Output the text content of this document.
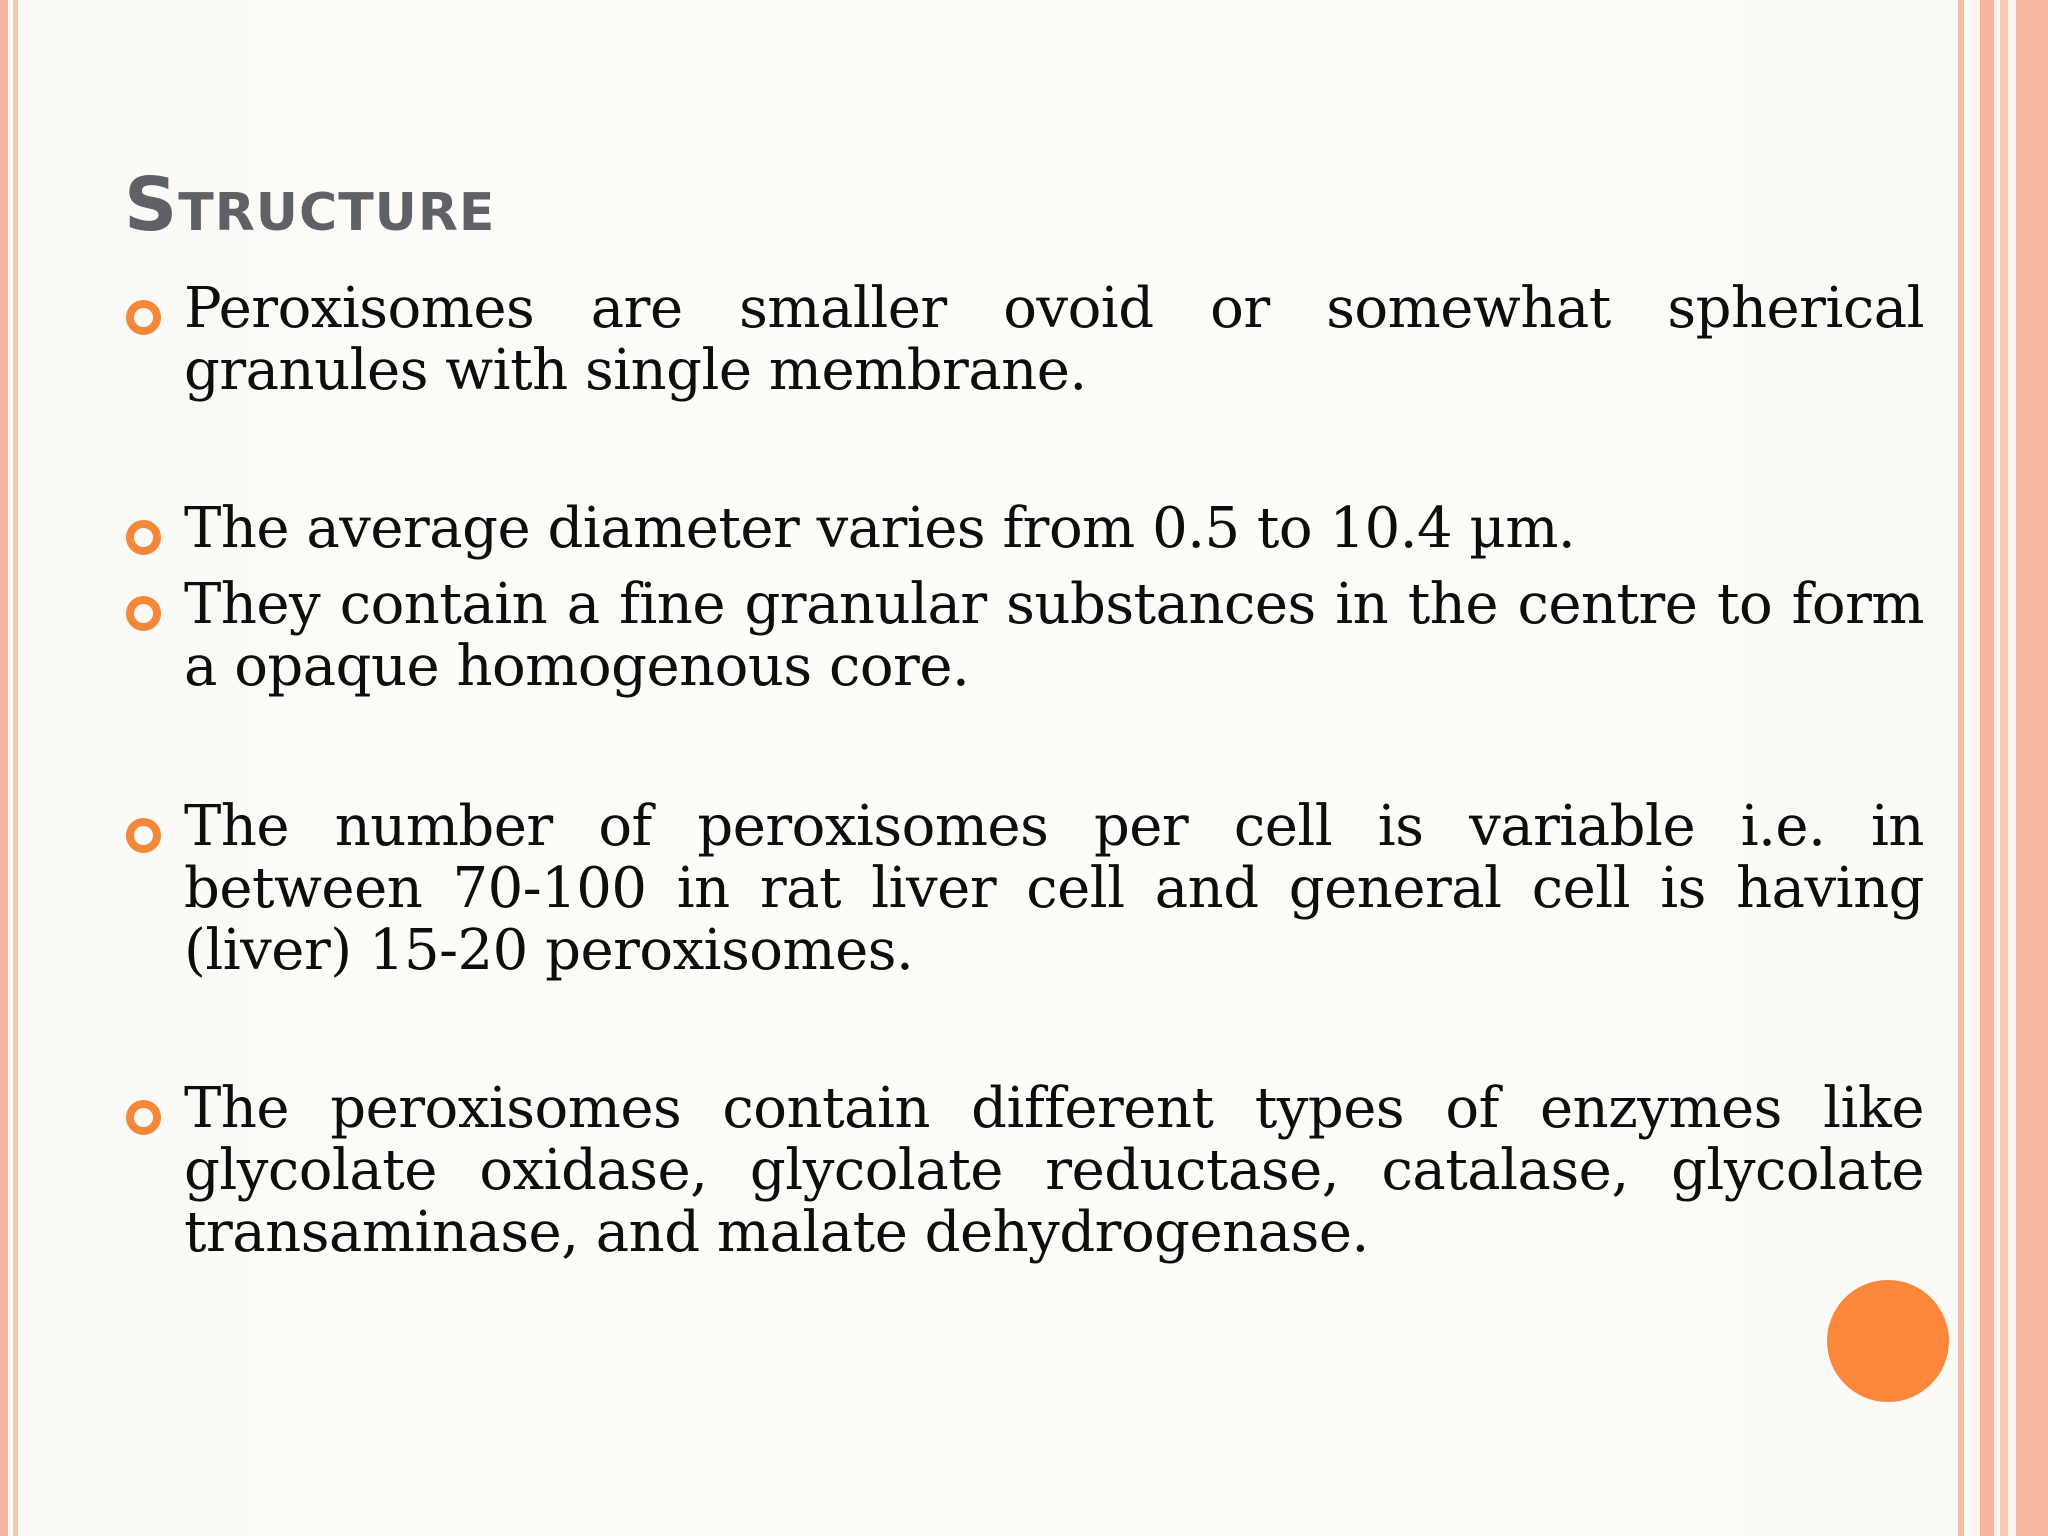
Structure
Peroxisomes are smaller ovoid or somewhat spherical granules with single membrane.
The average diameter varies from 0.5 to 10.4 µm.
They contain a fine granular substances in the centre to form a opaque homogenous core.
The number of peroxisomes per cell is variable i.e. in between 70-100 in rat liver cell and general cell is having (liver) 15-20 peroxisomes.
The peroxisomes contain different types of enzymes like glycolate oxidase, glycolate reductase, catalase, glycolate transaminase, and malate dehydrogenase.
